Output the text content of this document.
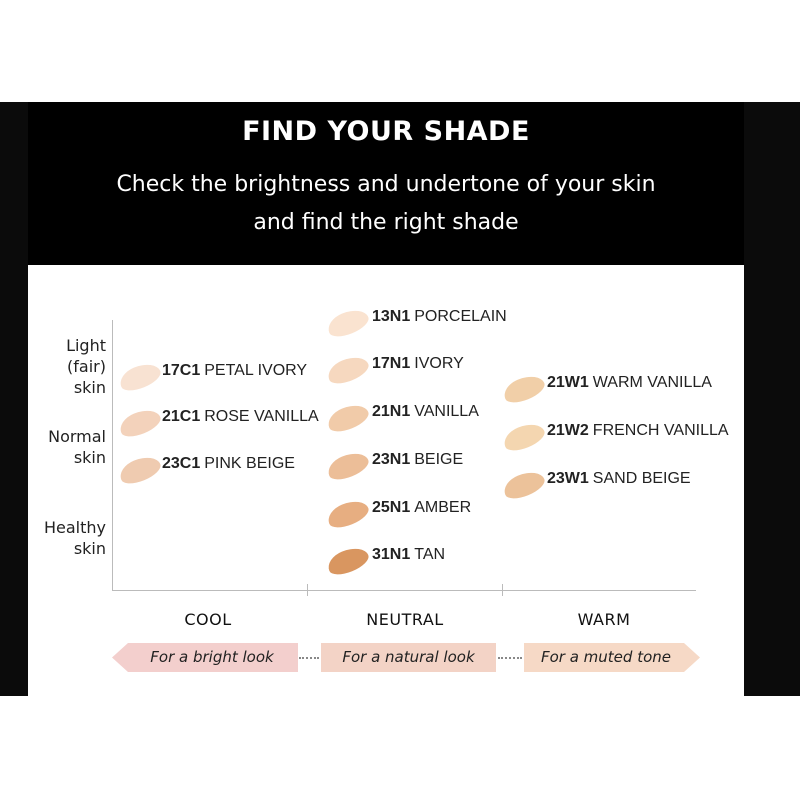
FIND YOUR SHADE
Check the brightness and undertone of your skin
and find the right shade
Light
(fair)
skin
Normal
skin
Healthy
skin
17C1 PETAL IVORY
21C1 ROSE VANILLA
23C1 PINK BEIGE
13N1 PORCELAIN
17N1 IVORY
21N1 VANILLA
23N1 BEIGE
25N1 AMBER
31N1 TAN
21W1 WARM VANILLA
21W2 FRENCH VANILLA
23W1 SAND BEIGE
COOL	NEUTRAL	WARM
For a bright look	For a natural look	For a muted tone
